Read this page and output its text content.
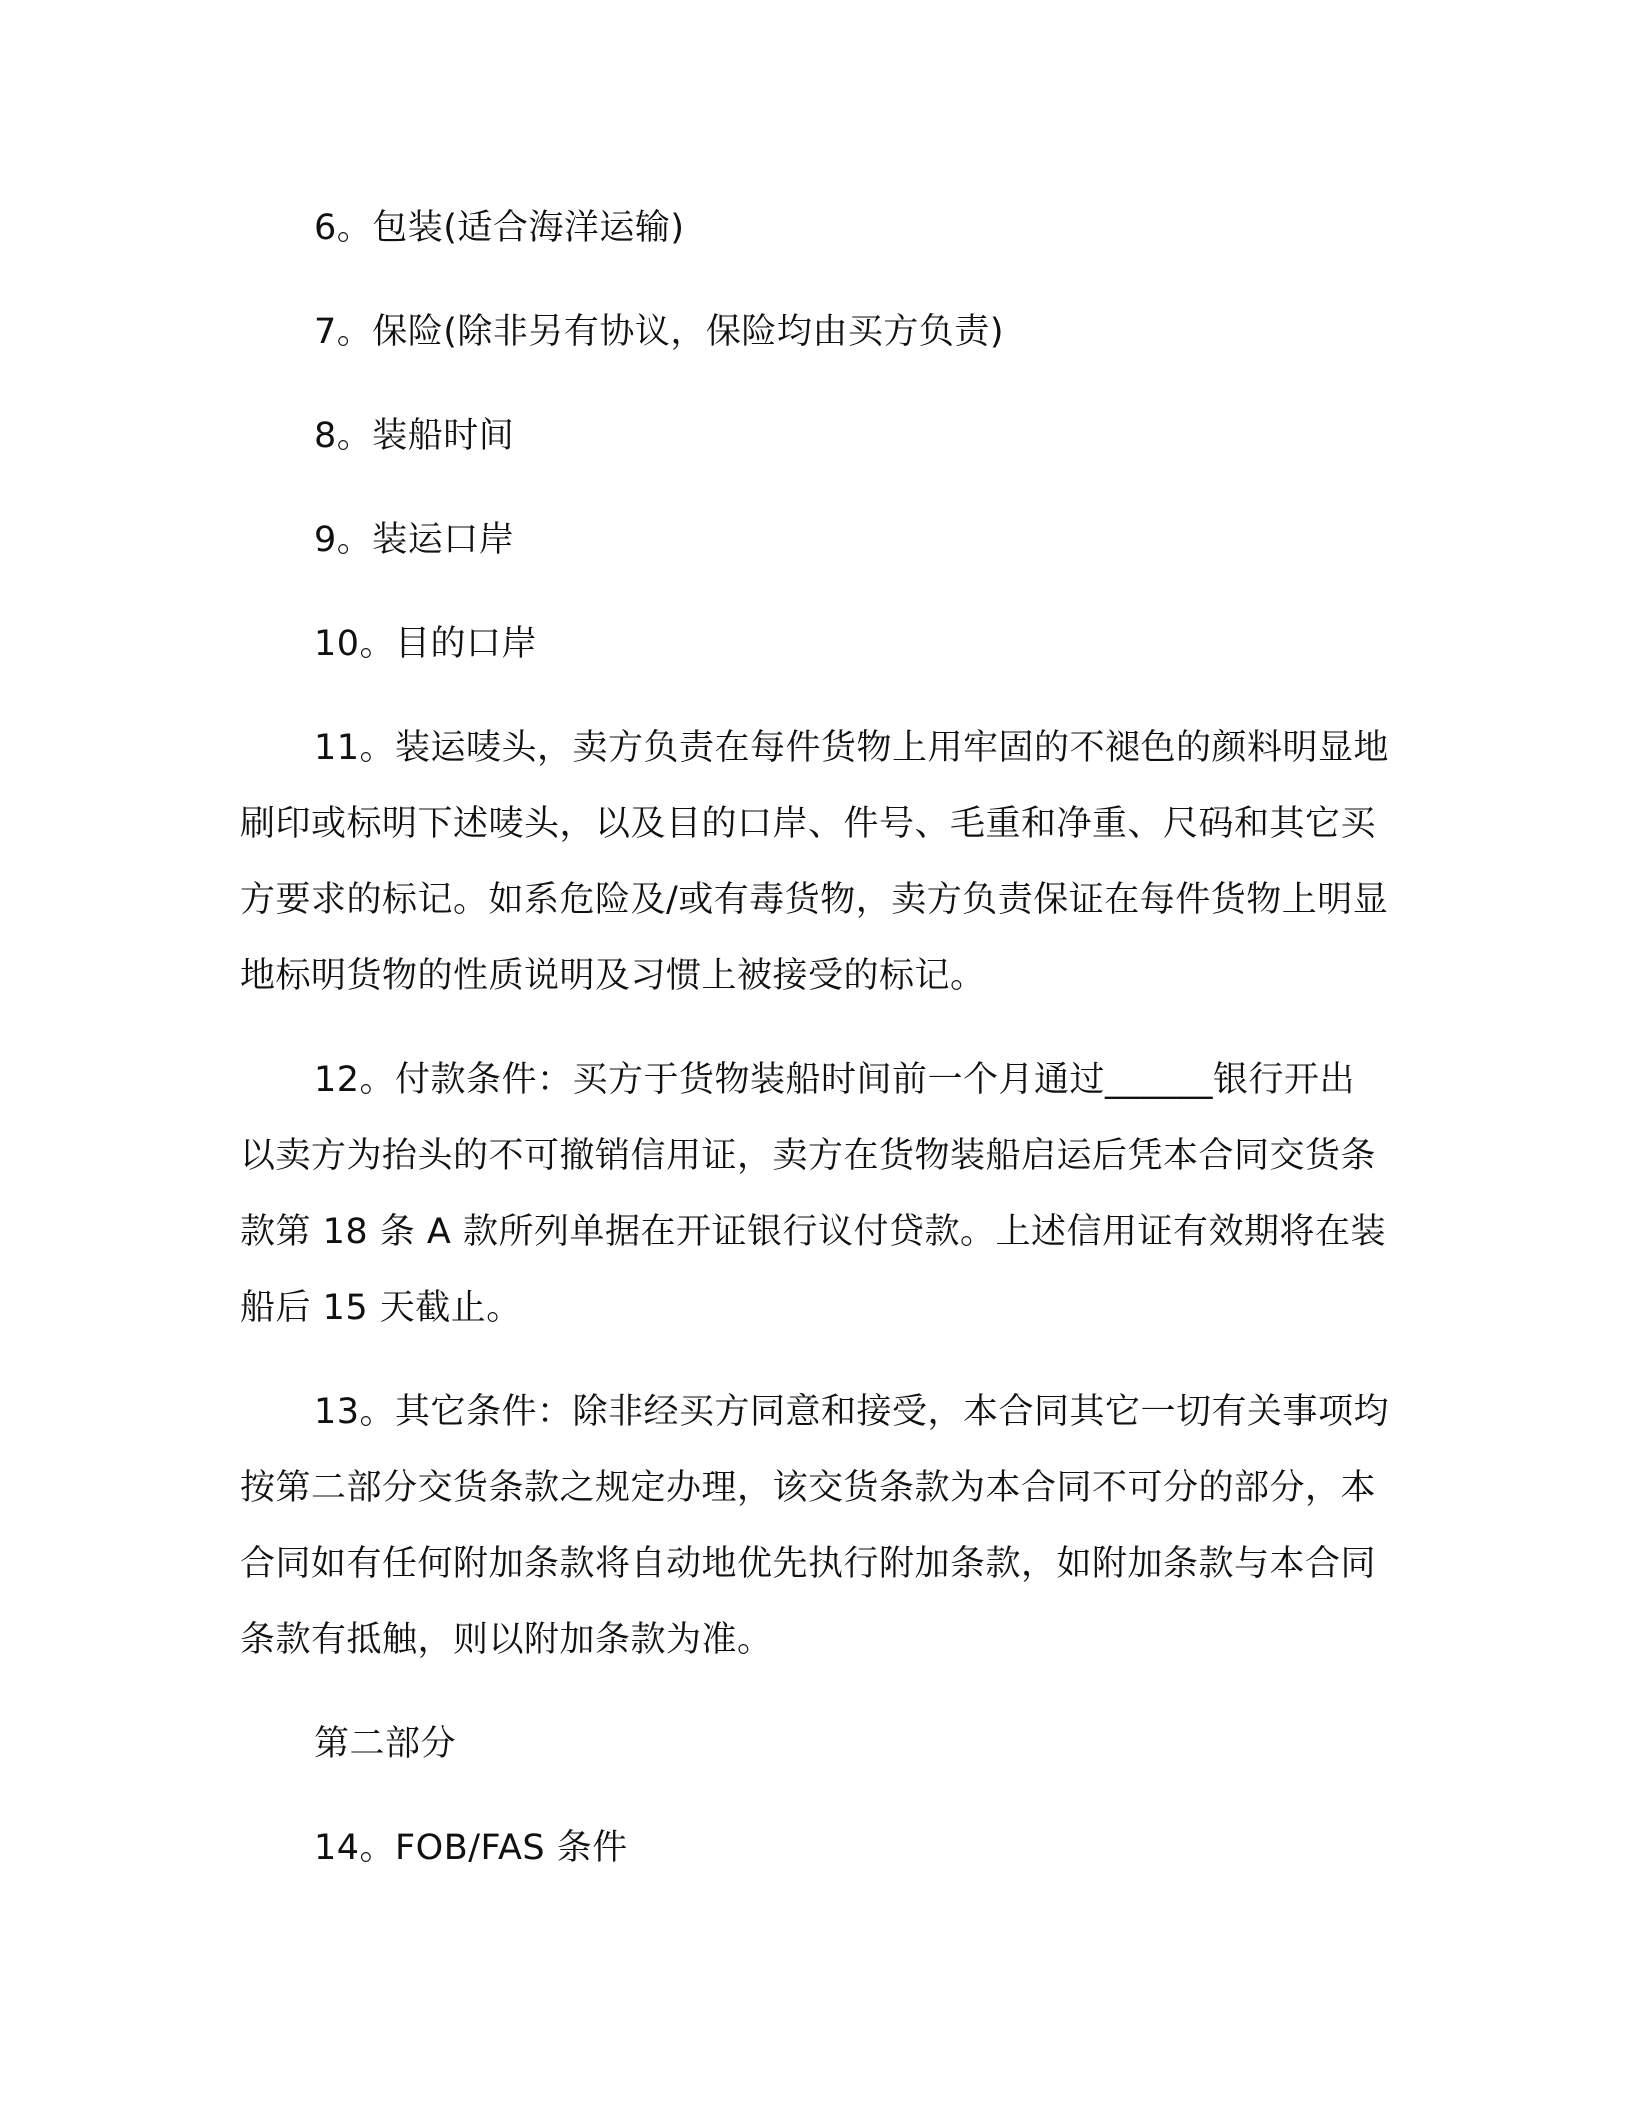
6。包装(适合海洋运输)

7。保险(除非另有协议，保险均由买方负责)

8。装船时间

9。装运口岸

10。目的口岸

11。装运唛头，卖方负责在每件货物上用牢固的不褪色的颜料明显地刷印或标明下述唛头，以及目的口岸、件号、毛重和净重、尺码和其它买方要求的标记。如系危险及/或有毒货物，卖方负责保证在每件货物上明显地标明货物的性质说明及习惯上被接受的标记。

12。付款条件：买方于货物装船时间前一个月通过______银行开出以卖方为抬头的不可撤销信用证，卖方在货物装船启运后凭本合同交货条款第 18 条 A 款所列单据在开证银行议付贷款。上述信用证有效期将在装船后 15 天截止。

13。其它条件：除非经买方同意和接受，本合同其它一切有关事项均按第二部分交货条款之规定办理，该交货条款为本合同不可分的部分，本合同如有任何附加条款将自动地优先执行附加条款，如附加条款与本合同条款有抵触，则以附加条款为准。

第二部分

14。FOB/FAS 条件
